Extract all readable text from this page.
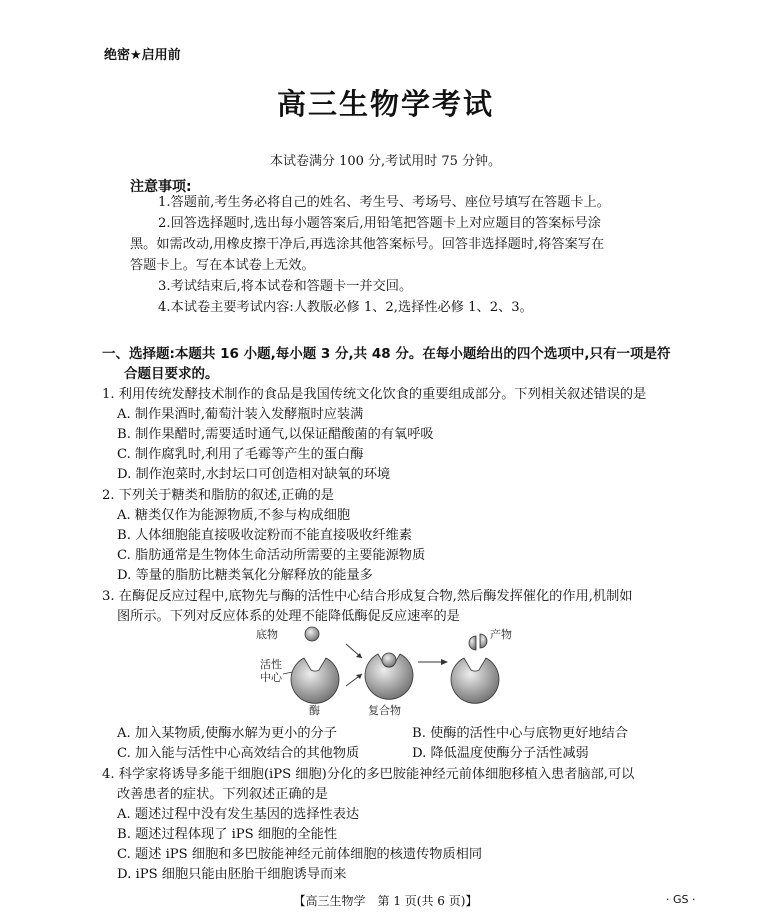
绝密★启用前
高三生物学考试
本试卷满分 100 分,考试用时 75 分钟。
注意事项:
1.答题前,考生务必将自己的姓名、考生号、考场号、座位号填写在答题卡上。
2.回答选择题时,选出每小题答案后,用铅笔把答题卡上对应题目的答案标号涂
黑。如需改动,用橡皮擦干净后,再选涂其他答案标号。回答非选择题时,将答案写在
答题卡上。写在本试卷上无效。
3.考试结束后,将本试卷和答题卡一并交回。
4.本试卷主要考试内容:人教版必修 1、2,选择性必修 1、2、3。
一、选择题:本题共 16 小题,每小题 3 分,共 48 分。在每小题给出的四个选项中,只有一项是符
合题目要求的。
1. 利用传统发酵技术制作的食品是我国传统文化饮食的重要组成部分。下列相关叙述错误的是
A. 制作果酒时,葡萄汁装入发酵瓶时应装满
B. 制作果醋时,需要适时通气,以保证醋酸菌的有氧呼吸
C. 制作腐乳时,利用了毛霉等产生的蛋白酶
D. 制作泡菜时,水封坛口可创造相对缺氧的环境
2. 下列关于糖类和脂肪的叙述,正确的是
A. 糖类仅作为能源物质,不参与构成细胞
B. 人体细胞能直接吸收淀粉而不能直接吸收纤维素
C. 脂肪通常是生物体生命活动所需要的主要能源物质
D. 等量的脂肪比糖类氧化分解释放的能量多
3. 在酶促反应过程中,底物先与酶的活性中心结合形成复合物,然后酶发挥催化的作用,机制如
图所示。下列对反应体系的处理不能降低酶促反应速率的是
底物
活性
中心
酶	复合物
产物
A. 加入某物质,使酶水解为更小的分子	B. 使酶的活性中心与底物更好地结合
C. 加入能与活性中心高效结合的其他物质	D. 降低温度使酶分子活性减弱
4. 科学家将诱导多能干细胞(iPS 细胞)分化的多巴胺能神经元前体细胞移植入患者脑部,可以
改善患者的症状。下列叙述正确的是
A. 题述过程中没有发生基因的选择性表达
B. 题述过程体现了 iPS 细胞的全能性
C. 题述 iPS 细胞和多巴胺能神经元前体细胞的核遗传物质相同
D. iPS 细胞只能由胚胎干细胞诱导而来
【高三生物学　第 1 页(共 6 页)】	· GS ·
